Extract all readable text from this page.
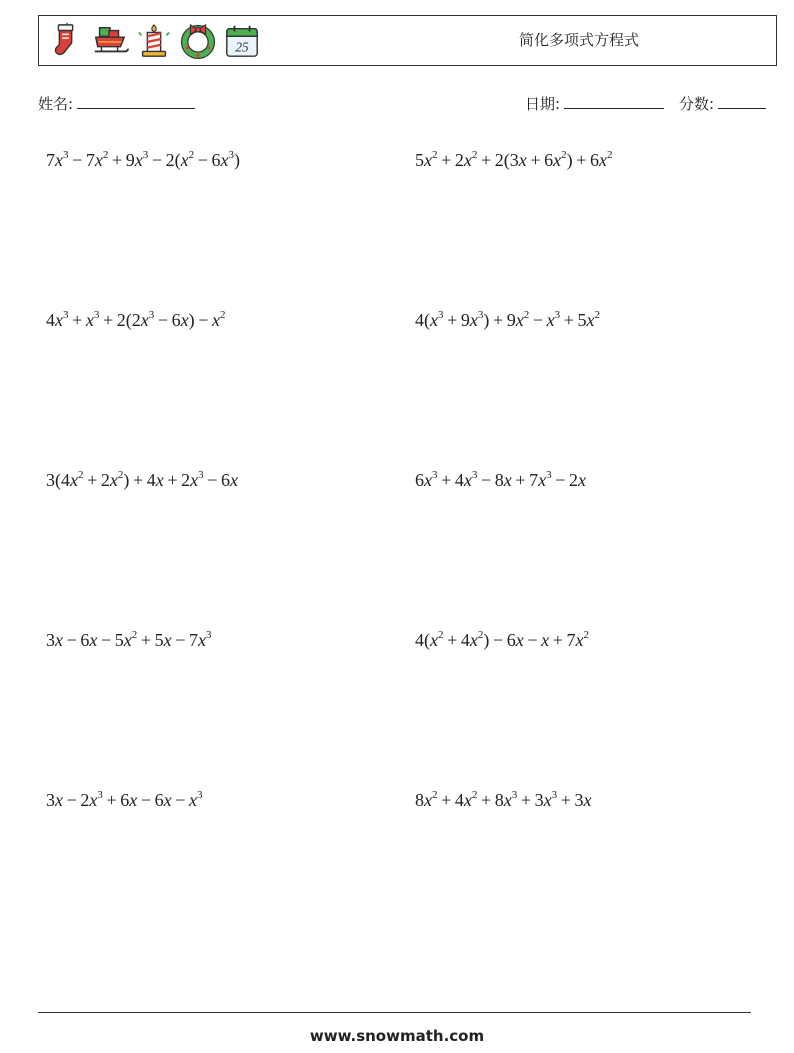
25	简化多项式方程式
姓名:	日期:	分数:
$7x^3 - 7x^2 + 9x^3 - 2(x^2 - 6x^3)$	$5x^2 + 2x^2 + 2(3x + 6x^2) + 6x^2$
$4x^3 + x^3 + 2(2x^3 - 6x) - x^2$	$4(x^3 + 9x^3) + 9x^2 - x^3 + 5x^2$
$3(4x^2 + 2x^2) + 4x + 2x^3 - 6x$	$6x^3 + 4x^3 - 8x + 7x^3 - 2x$
$3x - 6x - 5x^2 + 5x - 7x^3$	$4(x^2 + 4x^2) - 6x - x + 7x^2$
$3x - 2x^3 + 6x - 6x - x^3$	$8x^2 + 4x^2 + 8x^3 + 3x^3 + 3x$
www.snowmath.com
